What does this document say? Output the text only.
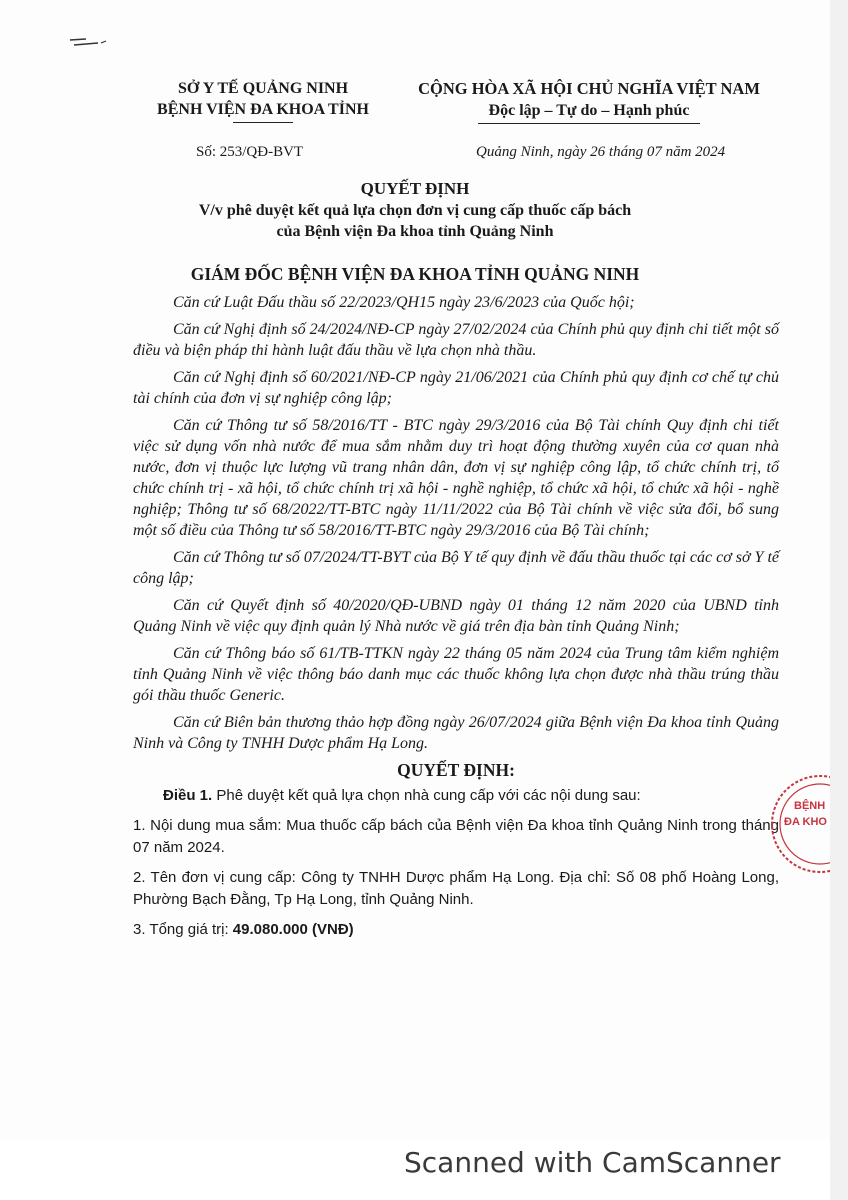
SỞ Y TẾ QUẢNG NINH
BỆNH VIỆN ĐA KHOA TỈNH
CỘNG HÒA XÃ HỘI CHỦ NGHĨA VIỆT NAM
Độc lập – Tự do – Hạnh phúc
Số: 253/QĐ-BVT	Quảng Ninh, ngày 26 tháng 07 năm 2024
QUYẾT ĐỊNH
V/v phê duyệt kết quả lựa chọn đơn vị cung cấp thuốc cấp bách
của Bệnh viện Đa khoa tỉnh Quảng Ninh
GIÁM ĐỐC BỆNH VIỆN ĐA KHOA TỈNH QUẢNG NINH

Căn cứ Luật Đấu thầu số 22/2023/QH15 ngày 23/6/2023 của Quốc hội;

Căn cứ Nghị định số 24/2024/NĐ-CP ngày 27/02/2024 của Chính phủ quy định chi tiết một số điều và biện pháp thi hành luật đấu thầu về lựa chọn nhà thầu.

Căn cứ Nghị định số 60/2021/NĐ-CP ngày 21/06/2021 của Chính phủ quy định cơ chế tự chủ tài chính của đơn vị sự nghiệp công lập;

Căn cứ Thông tư số 58/2016/TT - BTC ngày 29/3/2016 của Bộ Tài chính Quy định chi tiết việc sử dụng vốn nhà nước để mua sắm nhằm duy trì hoạt động thường xuyên của cơ quan nhà nước, đơn vị thuộc lực lượng vũ trang nhân dân, đơn vị sự nghiệp công lập, tổ chức chính trị, tổ chức chính trị - xã hội, tổ chức chính trị xã hội - nghề nghiệp, tổ chức xã hội, tổ chức xã hội - nghề nghiệp; Thông tư số 68/2022/TT-BTC ngày 11/11/2022 của Bộ Tài chính về việc sửa đổi, bổ sung một số điều của Thông tư số 58/2016/TT-BTC ngày 29/3/2016 của Bộ Tài chính;

Căn cứ Thông tư số 07/2024/TT-BYT của Bộ Y tế quy định về đấu thầu thuốc tại các cơ sở Y tế công lập;

Căn cứ Quyết định số 40/2020/QĐ-UBND ngày 01 tháng 12 năm 2020 của UBND tỉnh Quảng Ninh về việc quy định quản lý Nhà nước về giá trên địa bàn tỉnh Quảng Ninh;

Căn cứ Thông báo số 61/TB-TTKN ngày 22 tháng 05 năm 2024 của Trung tâm kiểm nghiệm tỉnh Quảng Ninh về việc thông báo danh mục các thuốc không lựa chọn được nhà thầu trúng thầu gói thầu thuốc Generic.

Căn cứ Biên bản thương thảo hợp đồng ngày 26/07/2024 giữa Bệnh viện Đa khoa tỉnh Quảng Ninh và Công ty TNHH Dược phẩm Hạ Long.

QUYẾT ĐỊNH:

Điều 1. Phê duyệt kết quả lựa chọn nhà cung cấp với các nội dung sau:

1. Nội dung mua sắm: Mua thuốc cấp bách của Bệnh viện Đa khoa tỉnh Quảng Ninh trong tháng 07 năm 2024.

2. Tên đơn vị cung cấp: Công ty TNHH Dược phẩm Hạ Long. Địa chỉ: Số 08 phố Hoàng Long, Phường Bạch Đằng, Tp Hạ Long, tỉnh Quảng Ninh.

3. Tổng giá trị: 49.080.000 (VNĐ)

BỆNH
ĐA KHO
Scanned with CamScanner
